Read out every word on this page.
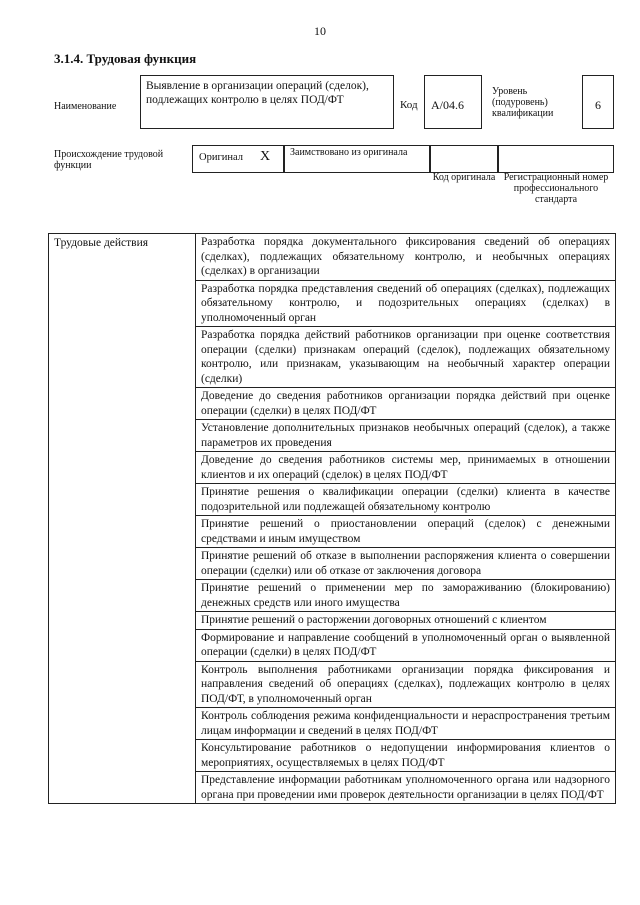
10
3.1.4. Трудовая функция
Наименование
Выявление в организации операций (сделок), подлежащих контролю в целях ПОД/ФТ	Код	А/04.6
Уровень (подуровень) квалификации
6
Происхождение трудовой функции
Оригинал	X	Заимствовано из оригинала
Код оригинала Регистрационный номер профессионального стандарта
Трудовые действия	Разработка порядка документального фиксирования сведений об операциях (сделках), подлежащих обязательному контролю, и необычных операциях (сделках) в организации
Разработка порядка представления сведений об операциях (сделках), подлежащих обязательному контролю, и подозрительных операциях (сделках) в уполномоченный орган
Разработка порядка действий работников организации при оценке соответствия операции (сделки) признакам операций (сделок), подлежащих обязательному контролю, или признакам, указывающим на необычный характер операции (сделки)
Доведение до сведения работников организации порядка действий при оценке операции (сделки) в целях ПОД/ФТ
Установление дополнительных признаков необычных операций (сделок), а также параметров их проведения
Доведение до сведения работников системы мер, принимаемых в отношении клиентов и их операций (сделок) в целях ПОД/ФТ
Принятие решения о квалификации операции (сделки) клиента в качестве подозрительной или подлежащей обязательному контролю
Принятие решений о приостановлении операций (сделок) с денежными средствами и иным имуществом
Принятие решений об отказе в выполнении распоряжения клиента о совершении операции (сделки) или об отказе от заключения договора
Принятие решений о применении мер по замораживанию (блокированию) денежных средств или иного имущества
Принятие решений о расторжении договорных отношений с клиентом
Формирование и направление сообщений в уполномоченный орган о выявленной операции (сделки) в целях ПОД/ФТ
Контроль выполнения работниками организации порядка фиксирования и направления сведений об операциях (сделках), подлежащих контролю в целях ПОД/ФТ, в уполномоченный орган
Контроль соблюдения режима конфиденциальности и нераспространения третьим лицам информации и сведений в целях ПОД/ФТ
Консультирование работников о недопущении информирования клиентов о мероприятиях, осуществляемых в целях ПОД/ФТ
Представление информации работникам уполномоченного органа или надзорного органа при проведении ими проверок деятельности организации в целях ПОД/ФТ
